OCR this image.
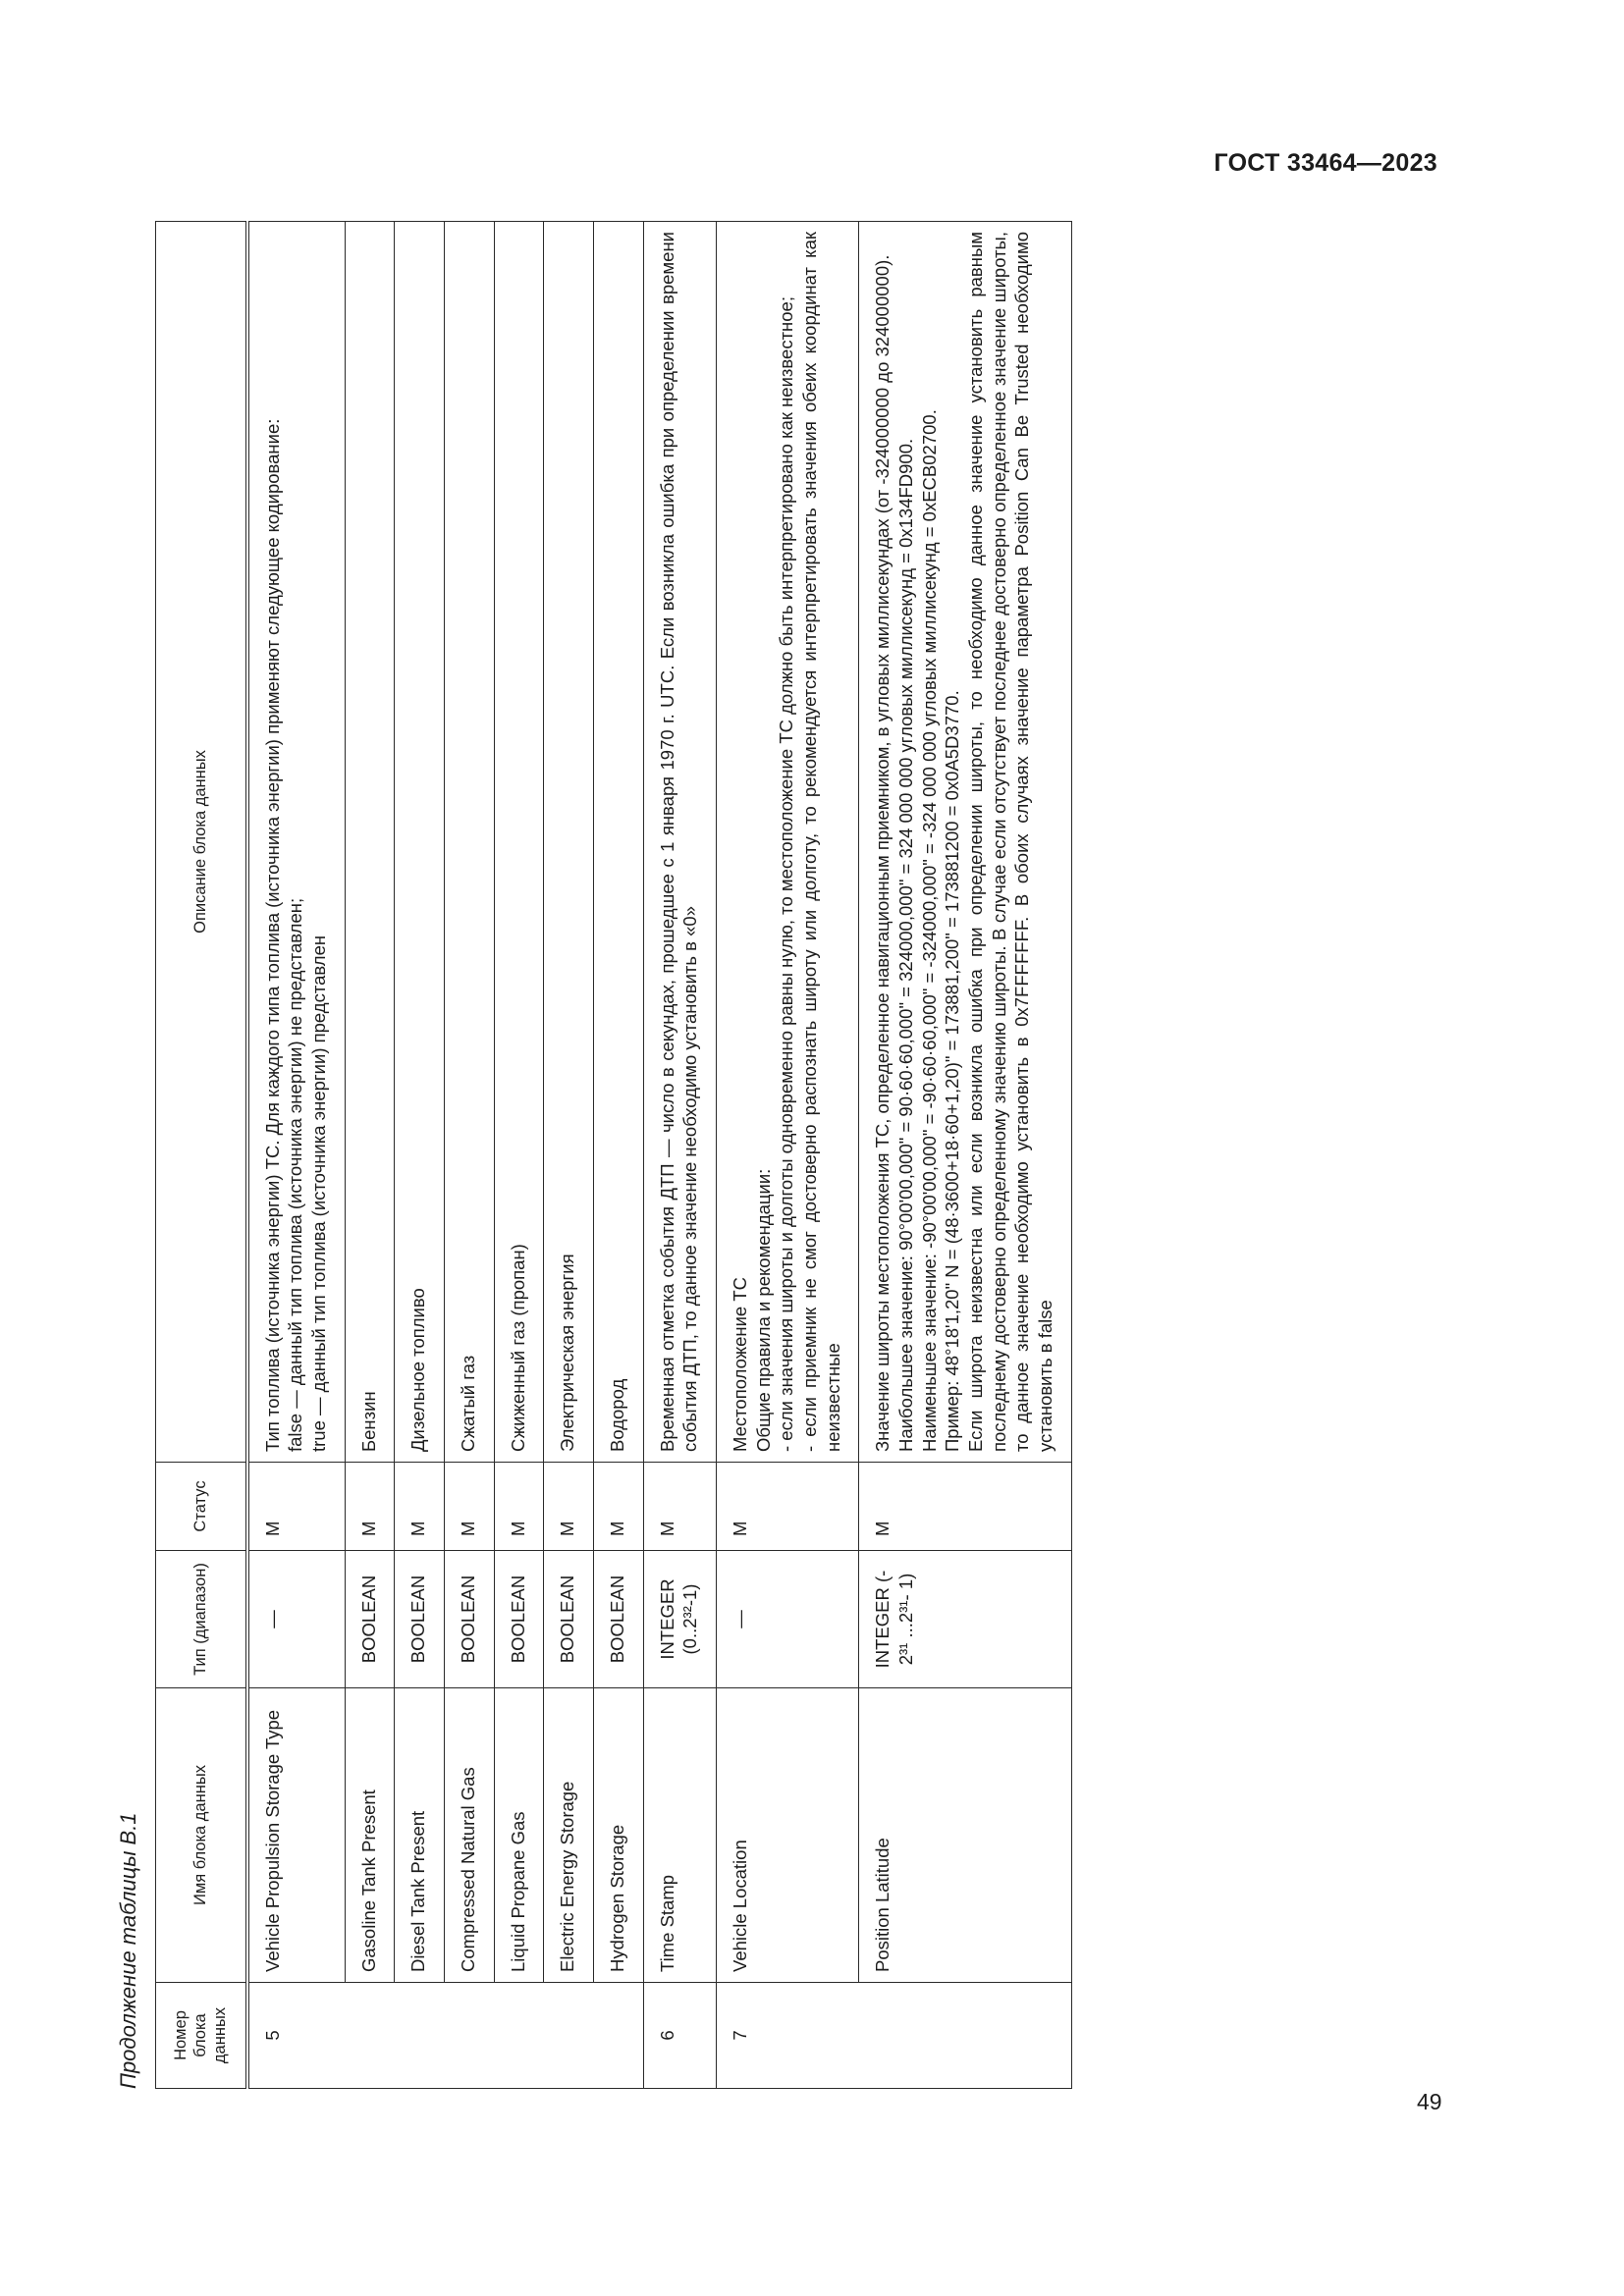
ГОСТ 33464—2023
49
Продолжение таблицы В.1 Номер блока данных	Имя блока данных	Тип (диапазон)	Статус	Описание блока данных
5	Vehicle Propulsion Storage Type	—	M	Тип топлива (источника энергии) ТС. Для каждого типа топлива (источника энергии) применяют следующее кодирование: false — данный тип топлива (источника энергии) не представлен; true — данный тип топлива (источника энергии) представлен

	Gasoline Tank Present	BOOLEAN	M	Бензин

	Diesel Tank Present	BOOLEAN	M	Дизельное топливо

	Compressed Natural Gas	BOOLEAN	M	Сжатый газ

	Liquid Propane Gas	BOOLEAN	M	Сжиженный газ (пропан)

	Electric Energy Storage	BOOLEAN	M	Электрическая энергия

	Hydrogen Storage	BOOLEAN	M	Водород

6	Time Stamp	INTEGER (0..2³²-1)	M	Временная отметка события ДТП — число в секундах, прошедшее с 1 января 1970 г. UTC. Если возникла ошибка при определении времени события ДТП, то данное значение необходимо установить в «0»

7	Vehicle Location	—	M	Местоположение ТС Общие правила и рекомендации: - если значения широты и долготы одновременно равны нулю, то местоположение ТС должно быть интерпретировано как неизвестное; - если приемник не смог достоверно распознать широту или долготу, то рекомендуется интерпретировать значения обеих координат как неизвестные

	Position Latitude	INTEGER (- 2³¹ ...2³¹- 1)	M	Значение широты местоположения ТС, определенное навигационным приемником, в угловых миллисекундах (от -324000000 до 324000000). Наибольшее значение: 90°00'00,000" = 90·60·60,000" = 324000,000" = 324 000 000 угловых миллисекунд = 0x134FD900. Наименьшее значение: -90°00'00,000" = -90·60·60,000" = -324000,000" = -324 000 000 угловых миллисекунд = 0xECB02700. Пример: 48°18'1,20" N = (48·3600+18·60+1,20)" = 173881,200" = 173881200 = 0x0A5D3770. Если широта неизвестна или если возникла ошибка при определении широты, то необходимо данное значение установить равным последнему достоверно определенному значению широты. В случае если отсутствует последнее достоверно определенное значение широты, то данное значение необходимо установить в 0x7FFFFFFF. В обоих случаях значение параметра Position Can Be Trusted необходимо установить в false
